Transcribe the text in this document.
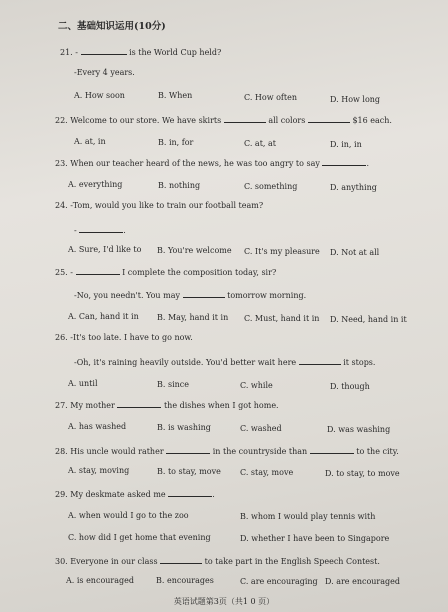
二、基础知识运用(10分)
21. -	is the World Cup held?
-Every 4 years.
A. How soon	B. When	C. How often	D. How long
22. Welcome to our store. We have skirts	all colors	$16 each.
A. at, in	B. in, for	C. at, at	D. in, in
23. When our teacher heard of the news, he was too angry to say	.
A. everything	B. nothing	C. something	D. anything
24. -Tom, would you like to train our football team?
-	.
A. Sure, I'd like to B. You're welcome C. It's my pleasure D. Not at all
25. -	I complete the composition today, sir?
-No, you needn't. You may	tomorrow morning.
A. Can, hand it in B. May, hand it in C. Must, hand it in D. Need, hand in it
26. -It's too late. I have to go now.
-Oh, it's raining heavily outside. You'd better wait here	it stops.
A. until	B. since	C. while	D. though
27. My mother	the dishes when I got home.
A. has washed	B. is washing	C. washed	D. was washing
28. His uncle would rather	in the countryside than	to the city.
A. stay, moving	B. to stay, move C. stay, move	D. to stay, to move
29. My deskmate asked me	.
A. when would I go to the zoo	B. whom I would play tennis with
C. how did I get home that evening	D. whether I have been to Singapore
30. Everyone in our class	to take part in the English Speech Contest.
A. is encouraged	B. encourages	C. are encouraging D. are encouraged
英语试题第3页（共1 0 页）
